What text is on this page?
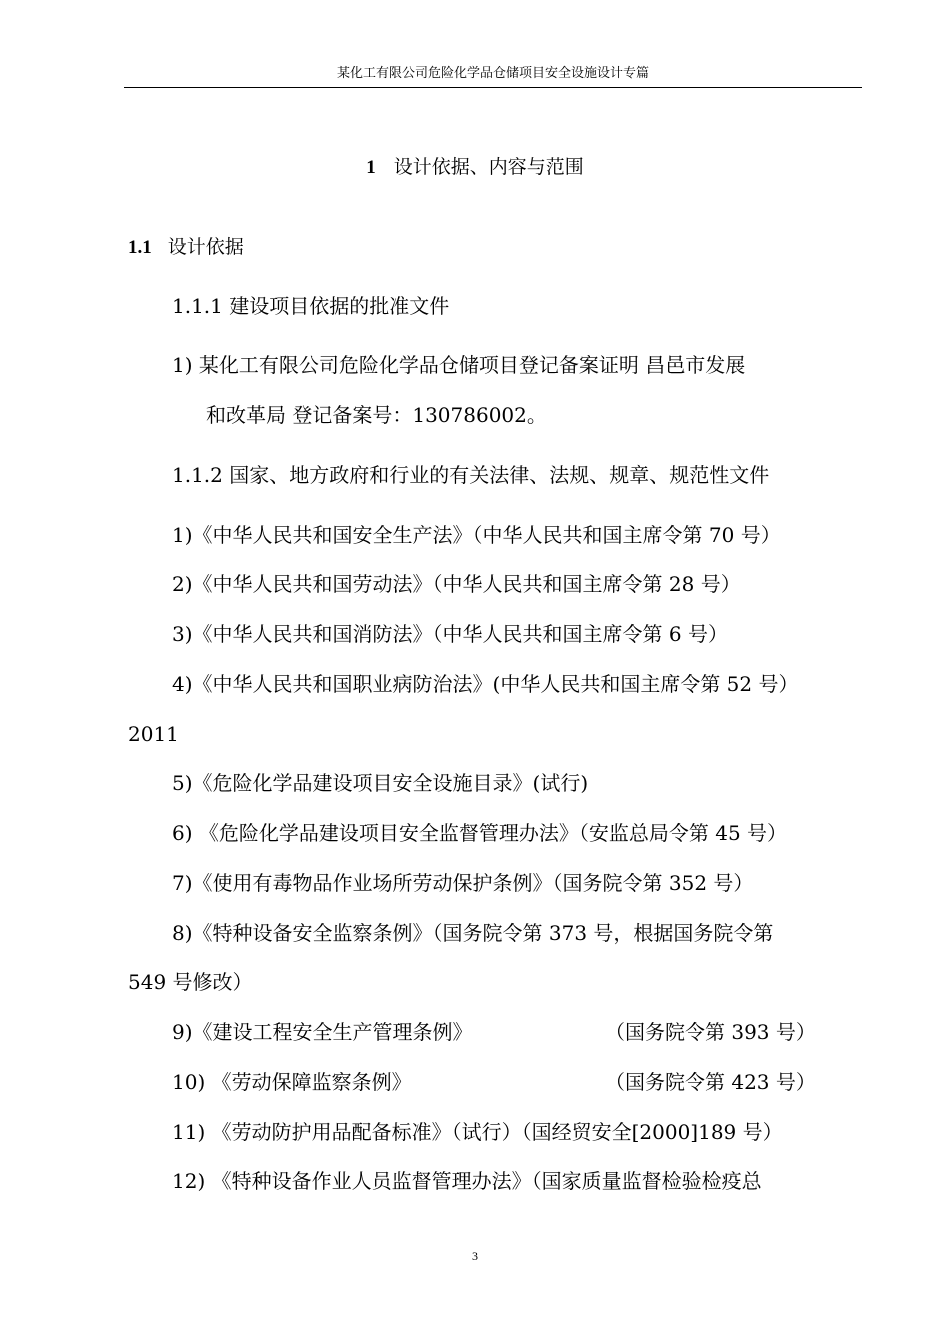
某化工有限公司危险化学品仓储项目安全设施设计专篇
1 设计依据、内容与范围
1.1 设计依据
1.1.1 建设项目依据的批准文件
1) 某化工有限公司危险化学品仓储项目登记备案证明 昌邑市发展
和改革局 登记备案号：130786002。
1.1.2 国家、地方政府和行业的有关法律、法规、规章、规范性文件
1)《中华人民共和国安全生产法》（中华人民共和国主席令第 70 号）
2)《中华人民共和国劳动法》（中华人民共和国主席令第 28 号）
3)《中华人民共和国消防法》（中华人民共和国主席令第 6 号）
4)《中华人民共和国职业病防治法》(中华人民共和国主席令第 52 号）
2011
5)《危险化学品建设项目安全设施目录》(试行)
6) 《危险化学品建设项目安全监督管理办法》（安监总局令第 45 号）
7)《使用有毒物品作业场所劳动保护条例》（国务院令第 352 号）
8)《特种设备安全监察条例》（国务院令第 373 号，根据国务院令第
549 号修改）
9)《建设工程安全生产管理条例》	（国务院令第 393 号）
10) 《劳动保障监察条例》	（国务院令第 423 号）
11) 《劳动防护用品配备标准》（试行）（国经贸安全[2000]189 号）
12) 《特种设备作业人员监督管理办法》（国家质量监督检验检疫总
3
